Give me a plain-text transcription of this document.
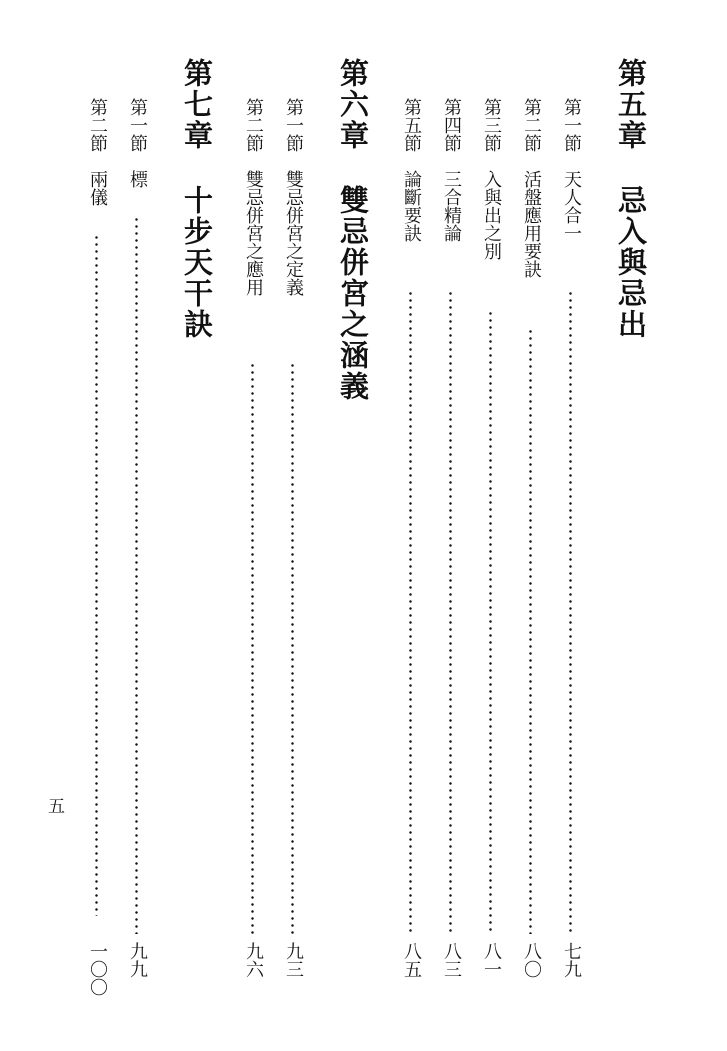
第五章忌入與忌出
第一節天人合一
七九
第二節活盤應用要訣
八〇
第三節入與出之別
八一
第四節三合精論
八三
第五節論斷要訣
八五
第六章雙忌併宮之涵義
第一節雙忌併宮之定義
九三
第二節雙忌併宮之應用
九六
第七章十步天干訣
第一節標
九九
第二節兩儀
一〇〇
五
